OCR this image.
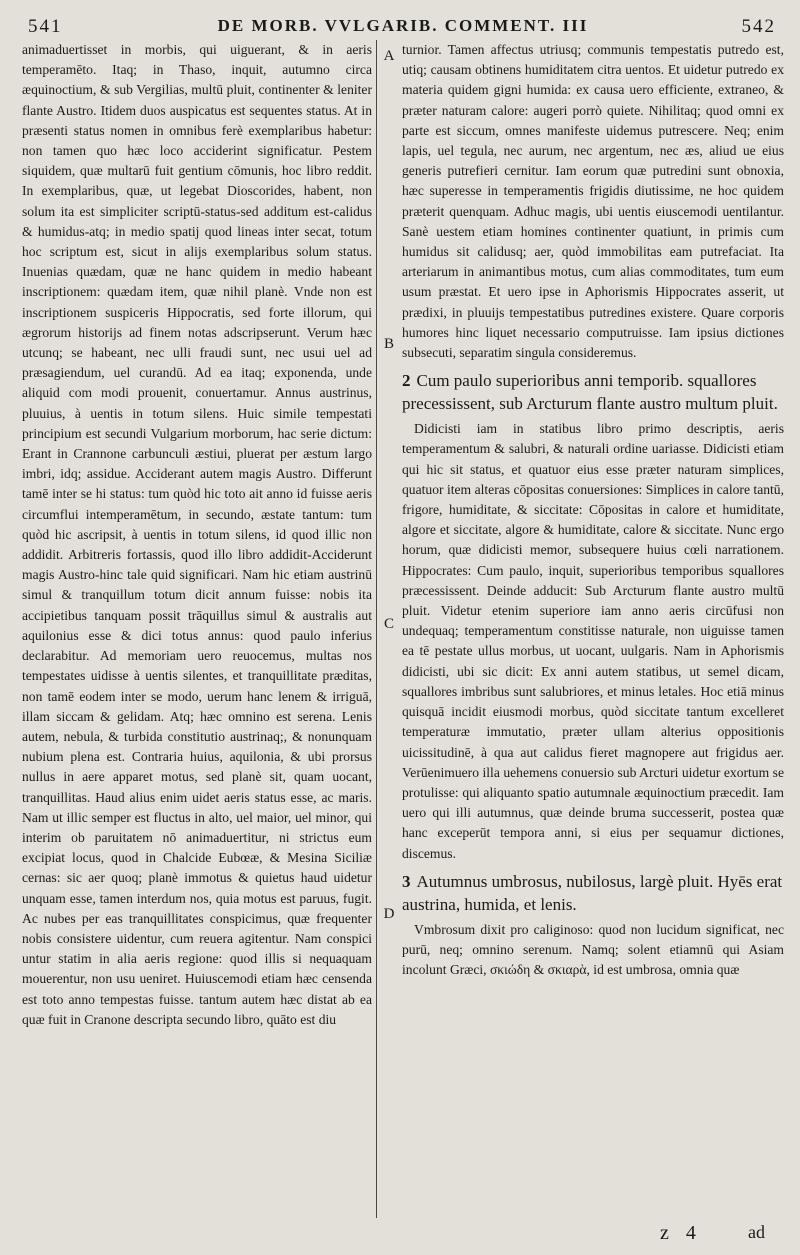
541	DE MORB. VVLGARIB. COMMENT. III	542

animaduertisset in morbis, qui uiguerant, & in aeris temperamēto. Itaq; in Thaso, inquit, autumno circa æquinoctium, & sub Vergilias, multū pluit, continenter & leniter flante Austro. Itidem duos auspicatus est sequentes status. At in præsenti status nomen in omnibus ferè exemplaribus habetur: non tamen quo hæc loco acciderint significatur. Pestem siquidem, quæ multarū fuit gentium cōmunis, hoc libro reddit. In exemplaribus, quæ, ut legebat Dioscorides, habent, non solum ita est simpliciter scriptū-status-sed additum est-calidus & humidus-atq; in medio spatij quod lineas inter secat, totum hoc scriptum est, sicut in alijs exemplaribus solum status. Inuenias quædam, quæ ne hanc quidem in medio habeant inscriptionem: quædam item, quæ nihil planè. Vnde non est inscriptionem suspiceris Hippocratis, sed forte illorum, qui ægrorum historijs ad finem notas adscripserunt. Verum hæc utcunq; se habeant, nec ulli fraudi sunt, nec usui uel ad præsagiendum, uel curandū. Ad ea itaq; exponenda, unde aliquid com modi prouenit, conuertamur. Annus austrinus, pluuius, à uentis in totum silens. Huic simile tempestati principium est secundi Vulgarium morborum, hac serie dictum: Erant in Crannone carbunculi æstiui, pluerat per æstum largo imbri, idq; assidue. Acciderant autem magis Austro. Differunt tamē inter se hi status: tum quòd hic toto ait anno id fuisse aeris circumflui intemperamētum, in secundo, æstate tantum: tum quòd hic ascripsit, à uentis in totum silens, id quod illic non addidit. Arbitreris fortassis, quod illo libro addidit-Acciderunt magis Austro-hinc tale quid significari. Nam hic etiam austrinū simul & tranquillum totum dicit annum fuisse: nobis ita accipietibus tanquam possit trāquillus simul & australis aut aquilonius esse & dici totus annus: quod paulo inferius declarabitur. Ad memoriam uero reuocemus, multas nos tempestates uidisse à uentis silentes, et tranquillitate præditas, non tamē eodem inter se modo, uerum hanc lenem & irriguā, illam siccam & gelidam. Atq; hæc omnino est serena. Lenis autem, nebula, & turbida constitutio austrinaq;, & nonunquam nubium plena est. Contraria huius, aquilonia, & ubi prorsus nullus in aere apparet motus, sed planè sit, quam uocant, tranquillitas. Haud alius enim uidet aeris status esse, ac maris. Nam ut illic semper est fluctus in alto, uel maior, uel minor, qui interim ob paruitatem nō animaduertitur, ni strictus eum excipiat locus, quod in Chalcide Eubœæ, & Mesina Siciliæ cernas: sic aer quoq; planè immotus & quietus haud uidetur unquam esse, tamen interdum nos, quia motus est paruus, fugit. Ac nubes per eas tranquillitates conspicimus, quæ frequenter nobis consistere uidentur, cum reuera agitentur. Nam conspici untur statim in alia aeris regione: quod illis si nequaquam mouerentur, non usu ueniret. Huiuscemodi etiam hæc censenda est toto anno tempestas fuisse. tantum autem hæc distat ab ea quæ fuit in Cranone descripta secundo libro, quāto est diu

A
B
C
D

turnior. Tamen affectus utriusq; communis tempestatis putredo est, utiq; causam obtinens humiditatem citra uentos. Et uidetur putredo ex materia quidem gigni humida: ex causa uero efficiente, extraneo, & præter naturam calore: augeri porrò quiete. Nihilitaq; quod omni ex parte est siccum, omnes manifeste uidemus putrescere. Neq; enim lapis, uel tegula, nec aurum, nec argentum, nec æs, aliud ue eius generis putrefieri cernitur. Iam eorum quæ putredini sunt obnoxia, hæc superesse in temperamentis frigidis diutissime, ne hoc quidem præterit quenquam. Adhuc magis, ubi uentis eiuscemodi uentilantur. Sanè uestem etiam homines continenter quatiunt, in primis cum humidus sit calidusq; aer, quòd immobilitas eam putrefaciat. Ita arteriarum in animantibus motus, cum alias commoditates, tum eum usum præstat. Et uero ipse in Aphorismis Hippocrates asserit, ut prædixi, in pluuijs tempestatibus putredines existere. Quare corporis humores hinc liquet necessario computruisse. Iam ipsius dictiones subsecuti, separatim singula consideremus.

2 Cum paulo superioribus anni temporib. squallores precessissent, sub Arcturum flante austro multum pluit.

Didicisti iam in statibus libro primo descriptis, aeris temperamentum & salubri, & naturali ordine uariasse. Didicisti etiam qui hic sit status, et quatuor eius esse præter naturam simplices, quatuor item alteras cōpositas conuersiones: Simplices in calore tantū, frigore, humiditate, & siccitate: Cōpositas in calore et humiditate, algore et siccitate, algore & humiditate, calore & siccitate. Nunc ergo horum, quæ didicisti memor, subsequere huius cœli narrationem. Hippocrates: Cum paulo, inquit, superioribus temporibus squallores præcessissent. Deinde adducit: Sub Arcturum flante austro multū pluit. Videtur etenim superiore iam anno aeris circūfusi non undequaq; temperamentum constitisse naturale, non uiguisse tamen ea tē pestate ullus morbus, ut uocant, uulgaris. Nam in Aphorismis didicisti, ubi sic dicit: Ex anni autem statibus, ut semel dicam, squallores imbribus sunt salubriores, et minus letales. Hoc etiā minus quisquā incidit eiusmodi morbus, quòd siccitate tantum excelleret temperaturæ immutatio, præter ullam alterius oppositionis uicissitudinē, à qua aut calidus fieret magnopere aut frigidus aer. Verūenimuero illa uehemens conuersio sub Arcturi uidetur exortum se protulisse: qui aliquanto spatio autumnale æquinoctium præcedit. Iam uero qui illi autumnus, quæ deinde bruma successerit, postea quæ hanc exceperūt tempora anni, si eius per sequamur dictiones, discemus.

3 Autumnus umbrosus, nubilosus, largè pluit. Hyēs erat austrina, humida, et lenis.

Vmbrosum dixit pro caliginoso: quod non lucidum significat, nec purū, neq; omnino serenum. Namq; solent etiamnū qui Asiam incolunt Græci, σκιώδη & σκιαρὰ, id est umbrosa, omnia quæ

z 4	ad
